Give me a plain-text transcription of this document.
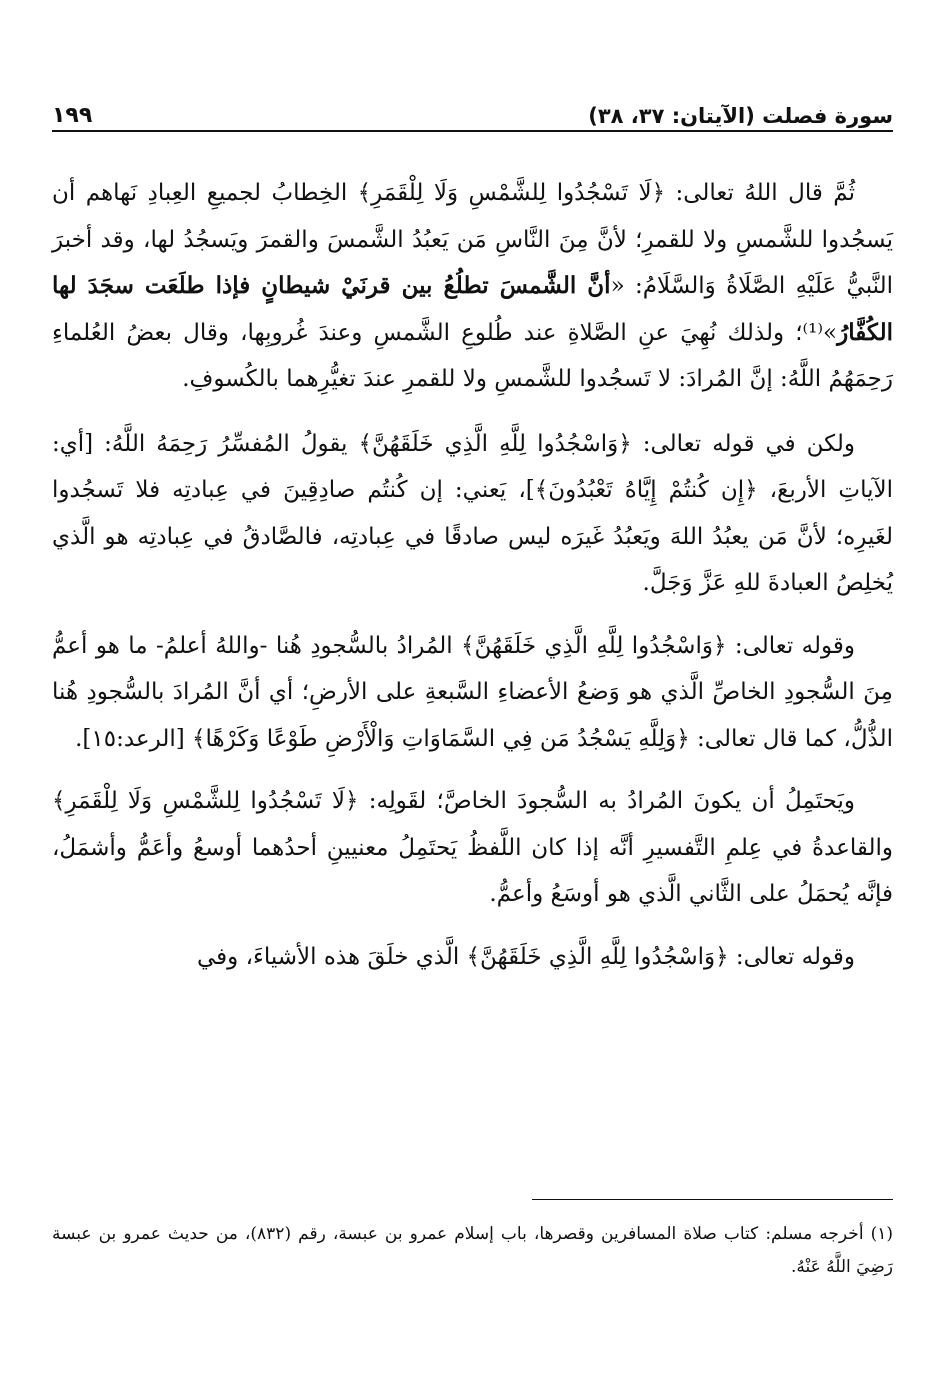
سورة فصلت (الآيتان: ٣٧، ٣٨)
١٩٩

ثُمَّ قال اللهُ تعالى: ﴿لَا تَسْجُدُوا لِلشَّمْسِ وَلَا لِلْقَمَرِ﴾ الخِطابُ لجميعِ العِبادِ نَهاهم أن يَسجُدوا للشَّمسِ ولا للقمرِ؛ لأنَّ مِنَ النَّاسِ مَن يَعبُدُ الشَّمسَ والقمرَ ويَسجُدُ لها، وقد أخبرَ النَّبيُّ عَلَيْهِ الصَّلَاةُ وَالسَّلَامُ: «أنَّ الشَّمسَ تطلُعُ بين قرنَيْ شيطانٍ فإذا طلَعَت سجَدَ لها الكُفَّارُ»⁽¹⁾؛ ولذلك نُهِيَ عنِ الصَّلاةِ عند طُلوعِ الشَّمسِ وعندَ غُروبِها، وقال بعضُ العُلماءِ رَحِمَهُمُ اللَّهُ: إنَّ المُرادَ: لا تَسجُدوا للشَّمسِ ولا للقمرِ عندَ تغيُّرِهما بالكُسوفِ.

ولكن في قوله تعالى: ﴿وَاسْجُدُوا لِلَّهِ الَّذِي خَلَقَهُنَّ﴾ يقولُ المُفسِّرُ رَحِمَهُ اللَّهُ: [أي: الآياتِ الأربعَ، ﴿إِن كُنتُمْ إِيَّاهُ تَعْبُدُونَ﴾]، يَعني: إن كُنتُم صادِقِينَ في عِبادتِه فلا تَسجُدوا لغَيرِه؛ لأنَّ مَن يعبُدُ اللهَ ويَعبُدُ غَيرَه ليس صادقًا في عِبادتِه، فالصَّادقُ في عِبادتِه هو الَّذي يُخلِصُ العبادةَ للهِ عَزَّ وَجَلَّ.

وقوله تعالى: ﴿وَاسْجُدُوا لِلَّهِ الَّذِي خَلَقَهُنَّ﴾ المُرادُ بالسُّجودِ هُنا -واللهُ أعلمُ- ما هو أعمُّ مِنَ السُّجودِ الخاصِّ الَّذي هو وَضعُ الأعضاءِ السَّبعةِ على الأرضِ؛ أي أنَّ المُرادَ بالسُّجودِ هُنا الذُّلُّ، كما قال تعالى: ﴿وَلِلَّهِ يَسْجُدُ مَن فِي السَّمَاوَاتِ وَالْأَرْضِ طَوْعًا وَكَرْهًا﴾ [الرعد:١٥].

ويَحتَمِلُ أن يكونَ المُرادُ به السُّجودَ الخاصَّ؛ لقَولِه: ﴿لَا تَسْجُدُوا لِلشَّمْسِ وَلَا لِلْقَمَرِ﴾ والقاعدةُ في عِلمِ التَّفسيرِ أنَّه إذا كان اللَّفظُ يَحتَمِلُ معنيينِ أحدُهما أوسعُ وأعَمُّ وأشمَلُ، فإنَّه يُحمَلُ على الثَّاني الَّذي هو أوسَعُ وأعمُّ.

وقوله تعالى: ﴿وَاسْجُدُوا لِلَّهِ الَّذِي خَلَقَهُنَّ﴾ الَّذي خلَقَ هذه الأشياءَ، وفي

(١) أخرجه مسلم: كتاب صلاة المسافرين وقصرها، باب إسلام عمرو بن عبسة، رقم (٨٣٢)، من حديث عمرو بن عبسة رَضِيَ اللَّهُ عَنْهُ.
